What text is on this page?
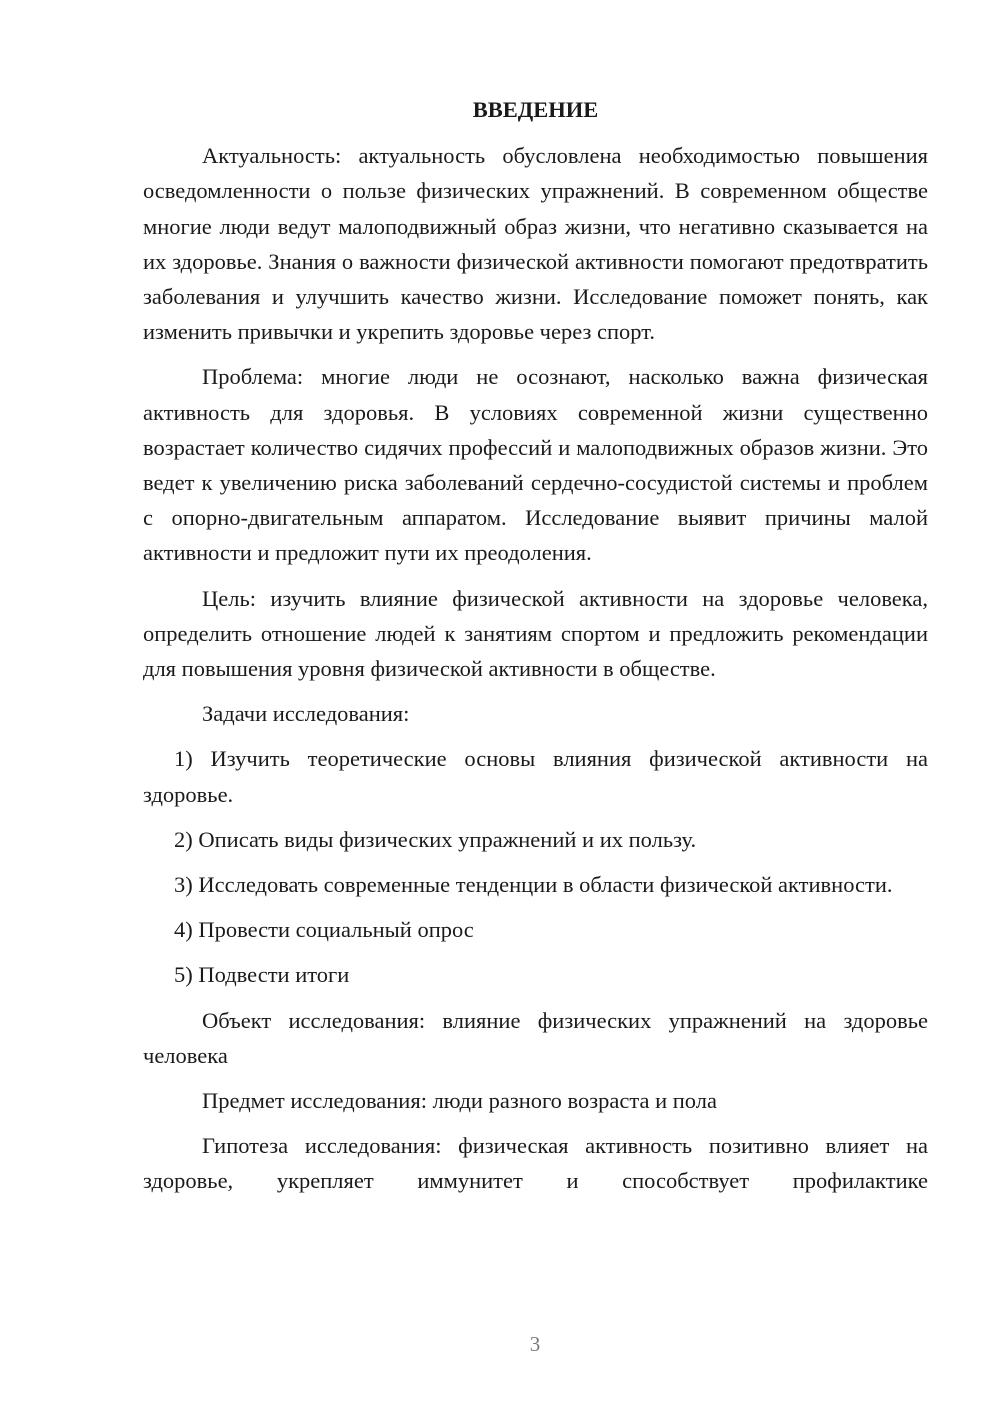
ВВЕДЕНИЕ

Актуальность: актуальность обусловлена необходимостью повышения осведомленности о пользе физических упражнений. В современном обществе многие люди ведут малоподвижный образ жизни, что негативно сказывается на их здоровье. Знания о важности физической активности помогают предотвратить заболевания и улучшить качество жизни. Исследование поможет понять, как изменить привычки и укрепить здоровье через спорт.

Проблема: многие люди не осознают, насколько важна физическая активность для здоровья. В условиях современной жизни существенно возрастает количество сидячих профессий и малоподвижных образов жизни. Это ведет к увеличению риска заболеваний сердечно-сосудистой системы и проблем с опорно-двигательным аппаратом. Исследование выявит причины малой активности и предложит пути их преодоления.

Цель: изучить влияние физической активности на здоровье человека, определить отношение людей к занятиям спортом и предложить рекомендации для повышения уровня физической активности в обществе.

Задачи исследования:

1) Изучить теоретические основы влияния физической активности на здоровье.

2) Описать виды физических упражнений и их пользу.

3) Исследовать современные тенденции в области физической активности.

4) Провести социальный опрос

5) Подвести итоги

Объект исследования: влияние физических упражнений на здоровье человека

Предмет исследования: люди разного возраста и пола

Гипотеза исследования: физическая активность позитивно влияет на здоровье, укрепляет иммунитет и способствует профилактике

3
